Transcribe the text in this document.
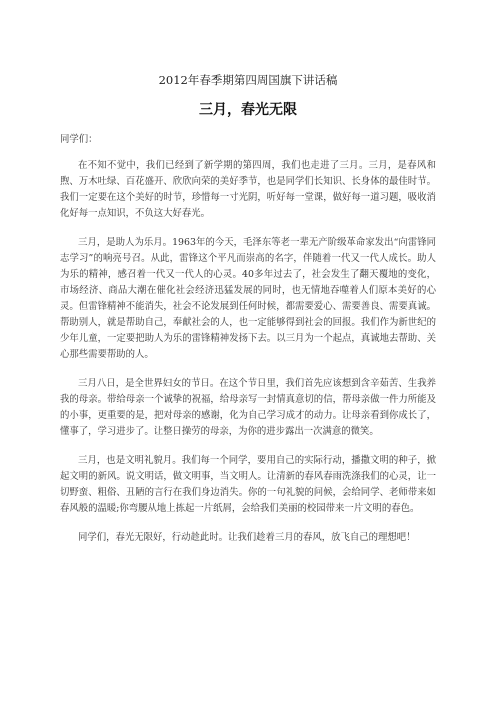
2012年春季期第四周国旗下讲话稿
三月，春光无限
同学们：

在不知不觉中，我们已经到了新学期的第四周，我们也走进了三月。三月，是春风和煦、万木吐绿、百花盛开、欣欣向荣的美好季节，也是同学们长知识、长身体的最佳时节。我们一定要在这个美好的时节，珍惜每一寸光阴，听好每一堂课，做好每一道习题，吸收消化好每一点知识，不负这大好春光。

三月，是助人为乐月。1963年的今天，毛泽东等老一辈无产阶级革命家发出“向雷锋同志学习”的响亮号召。从此，雷锋这个平凡而崇高的名字，伴随着一代又一代人成长。助人为乐的精神，感召着一代又一代人的心灵。40多年过去了，社会发生了翻天覆地的变化，市场经济、商品大潮在催化社会经济迅猛发展的同时，也无情地吞噬着人们原本美好的心灵。但雷锋精神不能消失，社会不论发展到任何时候，都需要爱心、需要善良、需要真诚。帮助别人，就是帮助自己，奉献社会的人，也一定能够得到社会的回报。我们作为新世纪的少年儿童，一定要把助人为乐的雷锋精神发扬下去。以三月为一个起点，真诚地去帮助、关心那些需要帮助的人。

三月八日，是全世界妇女的节日。在这个节日里，我们首先应该想到含辛茹苦、生我养我的母亲。带给母亲一个诚挚的祝福，给母亲写一封情真意切的信，帮母亲做一件力所能及的小事，更重要的是，把对母亲的感谢，化为自己学习成才的动力。让母亲看到你成长了，懂事了，学习进步了。让整日操劳的母亲，为你的进步露出一次满意的微笑。

三月，也是文明礼貌月。我们每一个同学，要用自己的实际行动，播撒文明的种子，掀起文明的新风。说文明话，做文明事，当文明人。让清新的春风春雨洗涤我们的心灵，让一切野蛮、粗俗、丑陋的言行在我们身边消失。你的一句礼貌的问候，会给同学、老师带来如春风般的温暖;你弯腰从地上拣起一片纸屑，会给我们美丽的校园带来一片文明的春色。

同学们，春光无限好，行动趁此时。让我们趁着三月的春风，放飞自己的理想吧！
